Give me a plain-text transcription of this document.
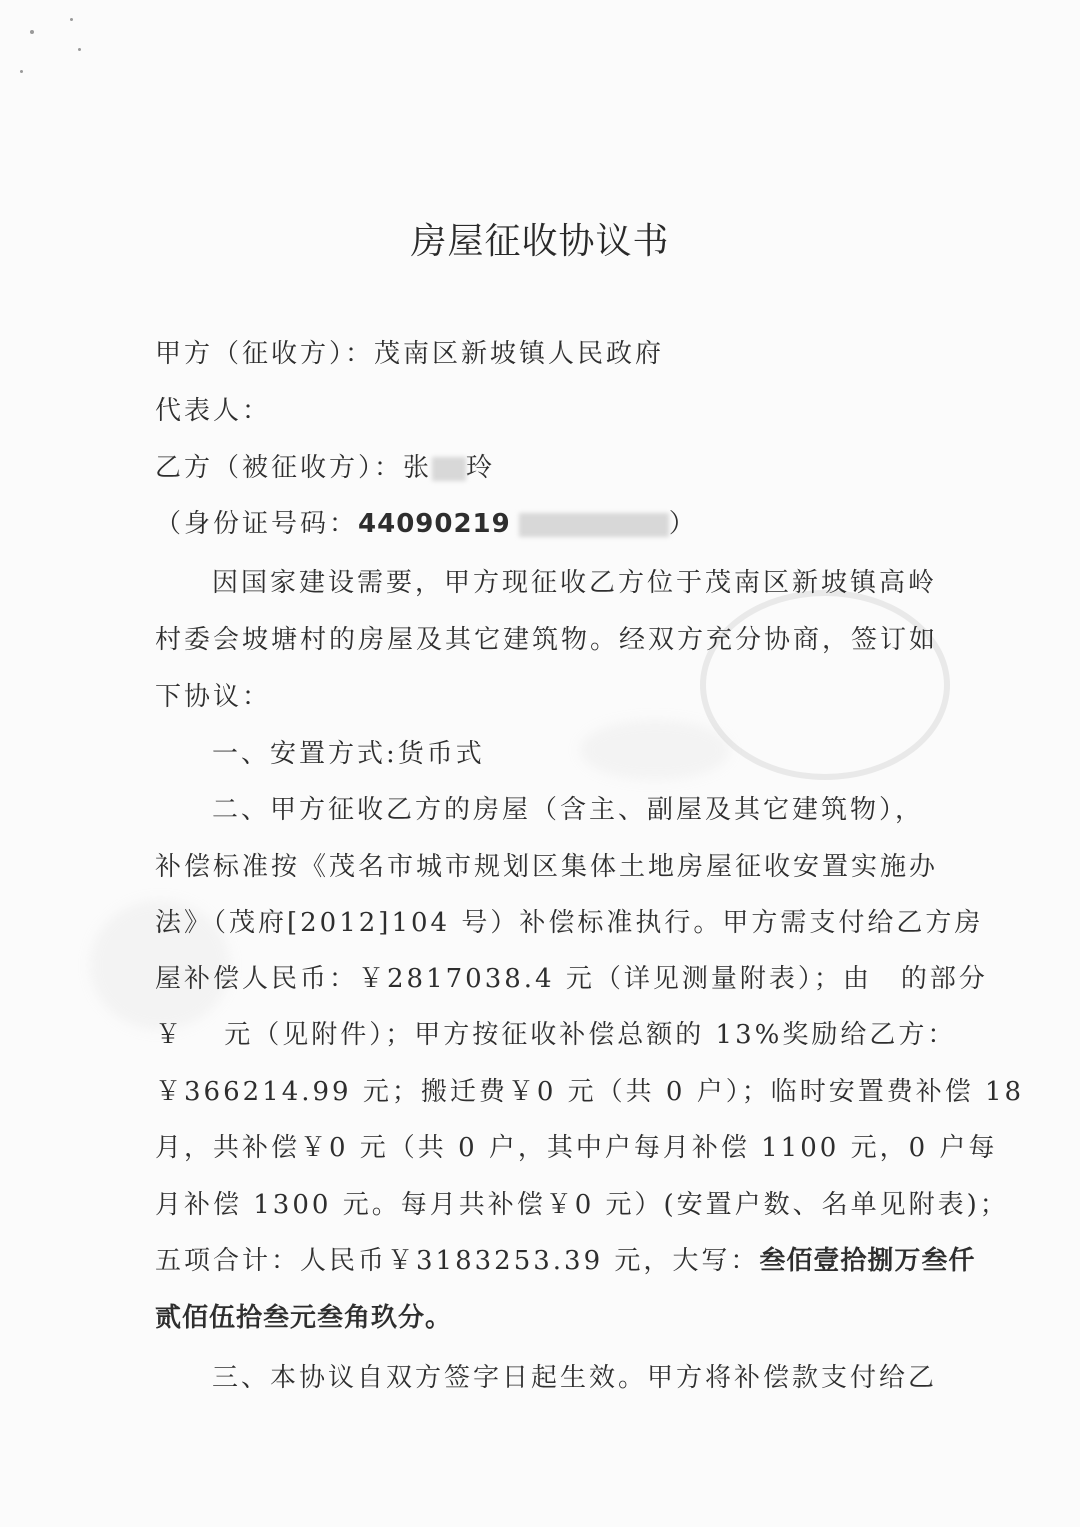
房屋征收协议书
甲方（征收方）：茂南区新坡镇人民政府
代表人：
乙方（被征收方）：张 玲
（身份证号码：44090219	）
因国家建设需要，甲方现征收乙方位于茂南区新坡镇高岭
村委会坡塘村的房屋及其它建筑物。经双方充分协商，签订如
下协议：
一、安置方式:货币式
二、甲方征收乙方的房屋（含主、副屋及其它建筑物），
补偿标准按《茂名市城市规划区集体土地房屋征收安置实施办
法》（茂府[2012]104 号）补偿标准执行。甲方需支付给乙方房
屋补偿人民币：￥2817038.4 元（详见测量附表）；由　的部分
￥　 元（见附件）；甲方按征收补偿总额的 13%奖励给乙方：
￥366214.99 元；搬迁费￥0 元（共 0 户）；临时安置费补偿 18
月，共补偿￥0 元（共 0 户，其中户每月补偿 1100 元，0 户每
月补偿 1300 元。每月共补偿￥0 元）(安置户数、名单见附表)；
五项合计：人民币￥3183253.39 元，大写：叁佰壹拾捌万叁仟
贰佰伍拾叁元叁角玖分。
三、本协议自双方签字日起生效。甲方将补偿款支付给乙
